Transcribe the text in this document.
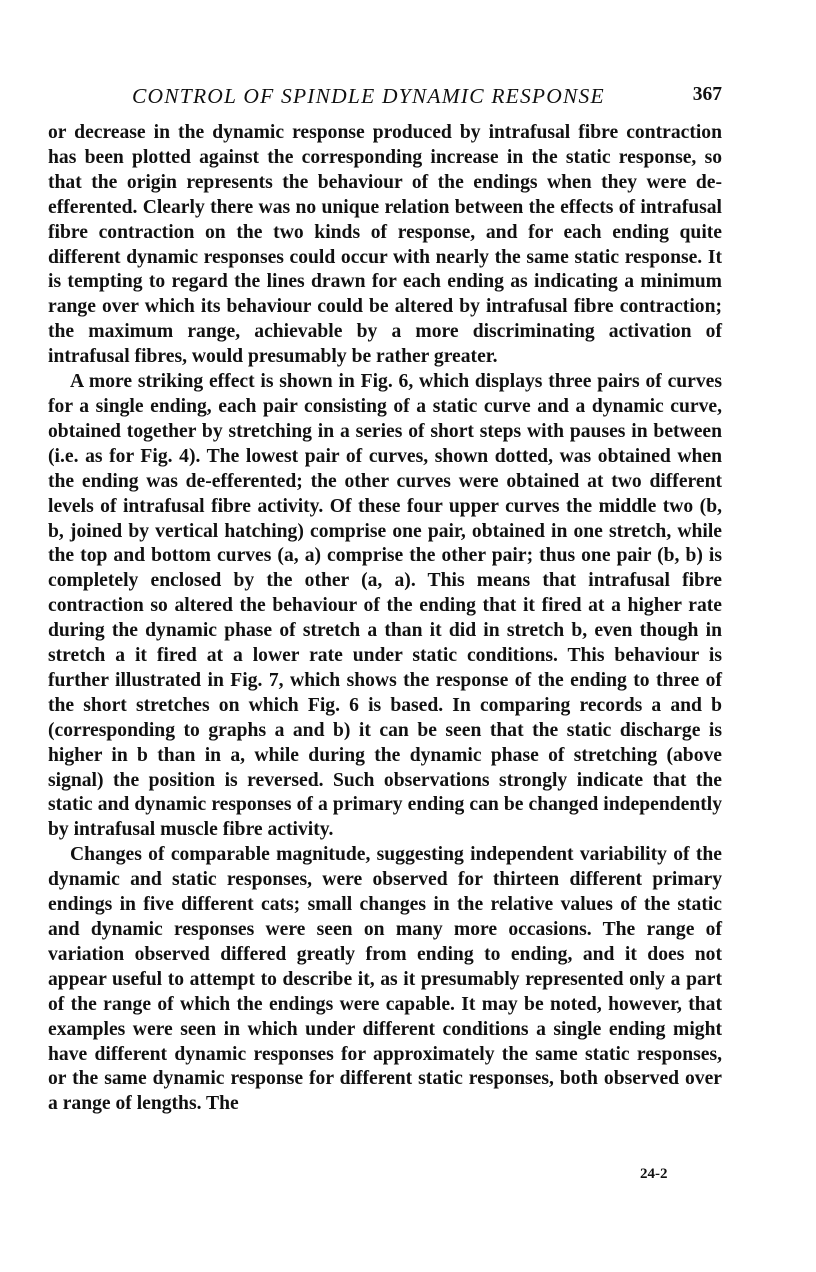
CONTROL OF SPINDLE DYNAMIC RESPONSE	367

or decrease in the dynamic response produced by intrafusal fibre contraction has been plotted against the corresponding increase in the static response, so that the origin represents the behaviour of the endings when they were de-efferented. Clearly there was no unique relation between the effects of intrafusal fibre contraction on the two kinds of response, and for each ending quite different dynamic responses could occur with nearly the same static response. It is tempting to regard the lines drawn for each ending as indicating a minimum range over which its behaviour could be altered by intrafusal fibre contraction; the maximum range, achievable by a more discriminating activation of intrafusal fibres, would presumably be rather greater.

A more striking effect is shown in Fig. 6, which displays three pairs of curves for a single ending, each pair consisting of a static curve and a dynamic curve, obtained together by stretching in a series of short steps with pauses in between (i.e. as for Fig. 4). The lowest pair of curves, shown dotted, was obtained when the ending was de-efferented; the other curves were obtained at two different levels of intrafusal fibre activity. Of these four upper curves the middle two (b, b, joined by vertical hatching) comprise one pair, obtained in one stretch, while the top and bottom curves (a, a) comprise the other pair; thus one pair (b, b) is completely enclosed by the other (a, a). This means that intrafusal fibre contraction so altered the behaviour of the ending that it fired at a higher rate during the dynamic phase of stretch a than it did in stretch b, even though in stretch a it fired at a lower rate under static conditions. This behaviour is further illustrated in Fig. 7, which shows the response of the ending to three of the short stretches on which Fig. 6 is based. In comparing records a and b (corresponding to graphs a and b) it can be seen that the static discharge is higher in b than in a, while during the dynamic phase of stretching (above signal) the position is reversed. Such observations strongly indicate that the static and dynamic responses of a primary ending can be changed independently by intrafusal muscle fibre activity.

Changes of comparable magnitude, suggesting independent variability of the dynamic and static responses, were observed for thirteen different primary endings in five different cats; small changes in the relative values of the static and dynamic responses were seen on many more occasions. The range of variation observed differed greatly from ending to ending, and it does not appear useful to attempt to describe it, as it presumably represented only a part of the range of which the endings were capable. It may be noted, however, that examples were seen in which under different conditions a single ending might have different dynamic responses for approximately the same static responses, or the same dynamic response for different static responses, both observed over a range of lengths. The

24-2
